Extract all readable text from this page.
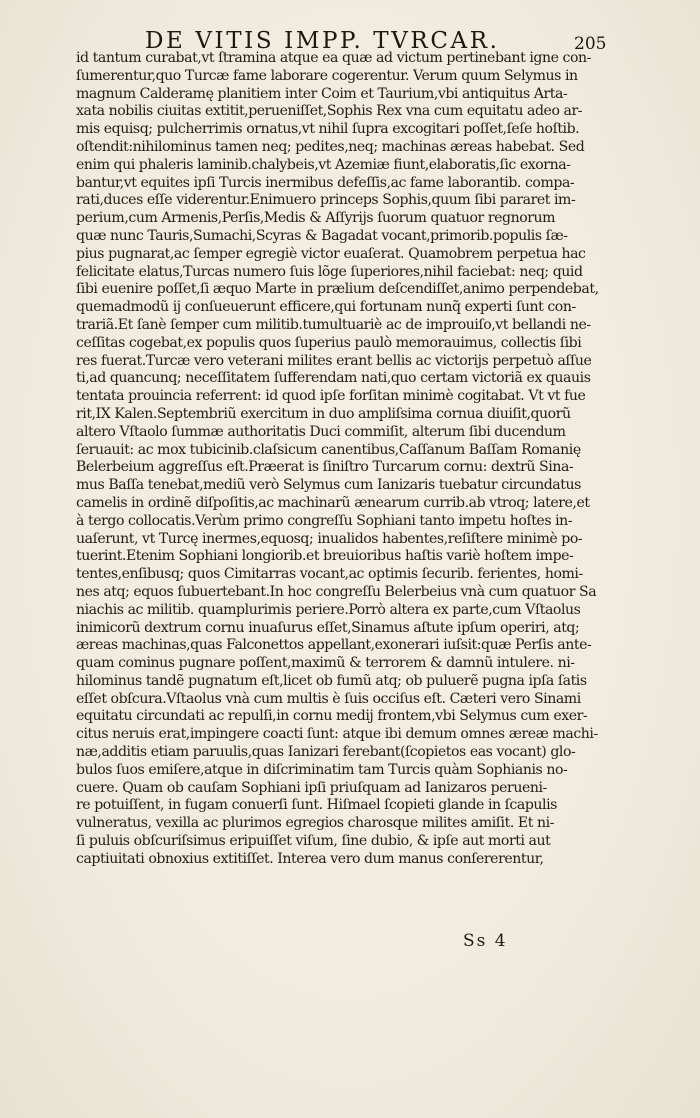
DE VITIS IMPP. TVRCAR.	205
id tantum curabat,vt ſtramina atque ea quæ ad victum pertinebant igne con-
ſumerentur,quo Turcæ fame laborare cogerentur. Verum quum Selymus in
magnum Calderamę planitiem inter Coim et Taurium,vbi antiquitus Arta-
xata nobilis ciuitas extitit,perueniſſet,Sophis Rex vna cum equitatu adeo ar-
mis equisq; pulcherrimis ornatus,vt nihil ſupra excogitari poſſet,ſeſe hoſtib.
oſtendit:nihilominus tamen neq; pedites,neq; machinas æreas habebat. Sed
enim qui phaleris laminib.chalybeis,vt Azemiæ fiunt,elaboratis,ſic exorna-
bantur,vt equites ipſi Turcis inermibus defeſſis,ac fame laborantib. compa-
rati,duces eſſe viderentur.Enimuero princeps Sophis,quum ſibi pararet im-
perium,cum Armenis,Perſis,Medis & Aſſyrijs ſuorum quatuor regnorum
quæ nunc Tauris,Sumachi,Scyras & Bagadat vocant,primorib.populis ſæ-
pius pugnarat,ac ſemper egregiè victor euaſerat. Quamobrem perpetua hac
felicitate elatus,Turcas numero ſuis lõge ſuperiores,nihil faciebat: neq; quid
ſibi euenire poſſet,ſi æquo Marte in prælium deſcendiſſet,animo perpendebat,
quemadmodũ ij conſueuerunt efficere,qui fortunam nunq̃ experti ſunt con-
trariã.Et ſanè ſemper cum militib.tumultuariè ac de improuiſo,vt bellandi ne-
ceſſitas cogebat,ex populis quos ſuperius paulò memorauimus, collectis ſibi
res fuerat.Turcæ vero veterani milites erant bellis ac victorijs perpetuò aſſue
ti,ad quancunq; neceſſitatem ſufferendam nati,quo certam victoriã ex quauis
tentata prouincia referrent: id quod ipſe forſitan minimè cogitabat. Vt vt fue
rit,IX Kalen.Septembriũ exercitum in duo ampliſsima cornua diuiſit,quorũ
altero Vſtaolo ſummæ authoritatis Duci commiſit, alterum ſibi ducendum
ſeruauit: ac mox tubicinib.claſsicum canentibus,Caſſanum Baſſam Romanię
Belerbeium aggreſſus eſt.Præerat is ſiniſtro Turcarum cornu: dextrũ Sina-
mus Baſſa tenebat,mediũ verò Selymus cum Ianizaris tuebatur circundatus
camelis in ordinẽ diſpoſitis,ac machinarũ ænearum currib.ab vtroq; latere,et
à tergo collocatis.Verùm primo congreſſu Sophiani tanto impetu hoſtes in-
uaſerunt, vt Turcę inermes,equosq; inualidos habentes,reſiſtere minimè po-
tuerint.Etenim Sophiani longiorib.et breuioribus haſtis variè hoſtem impe-
tentes,enſibusq; quos Cimitarras vocant,ac optimis ſecurib. ferientes, homi-
nes atq; equos ſubuertebant.In hoc congreſſu Belerbeius vnà cum quatuor Sa
niachis ac militib. quamplurimis periere.Porrò altera ex parte,cum Vſtaolus
inimicorũ dextrum cornu inuaſurus eſſet,Sinamus aſtute ipſum operiri, atq;
æreas machinas,quas Falconettos appellant,exonerari iuſsit:quæ Perſis ante-
quam cominus pugnare poſſent,maximũ & terrorem & damnũ intulere. ni-
hilominus tandẽ pugnatum eſt,licet ob fumũ atq; ob puluerẽ pugna ipſa ſatis
eſſet obſcura.Vſtaolus vnà cum multis è ſuis occiſus eſt. Cæteri vero Sinami
equitatu circundati ac repulſi,in cornu medij frontem,vbi Selymus cum exer-
citus neruis erat,impingere coacti ſunt: atque ibi demum omnes æreæ machi-
næ,additis etiam paruulis,quas Ianizari ferebant(ſcopietos eas vocant) glo-
bulos ſuos emiſere,atque in diſcriminatim tam Turcis quàm Sophianis no-
cuere. Quam ob cauſam Sophiani ipſi priuſquam ad Ianizaros perueni-
re potuiſſent, in fugam conuerſi ſunt. Hiſmael ſcopieti glande in ſcapulis
vulneratus, vexilla ac plurimos egregios charosque milites amiſit. Et ni-
ſi puluis obſcuriſsimus eripuiſſet viſum, ſine dubio, & ipſe aut morti aut
captiuitati obnoxius extitiſſet. Interea vero dum manus conſererentur,
Ss 4
